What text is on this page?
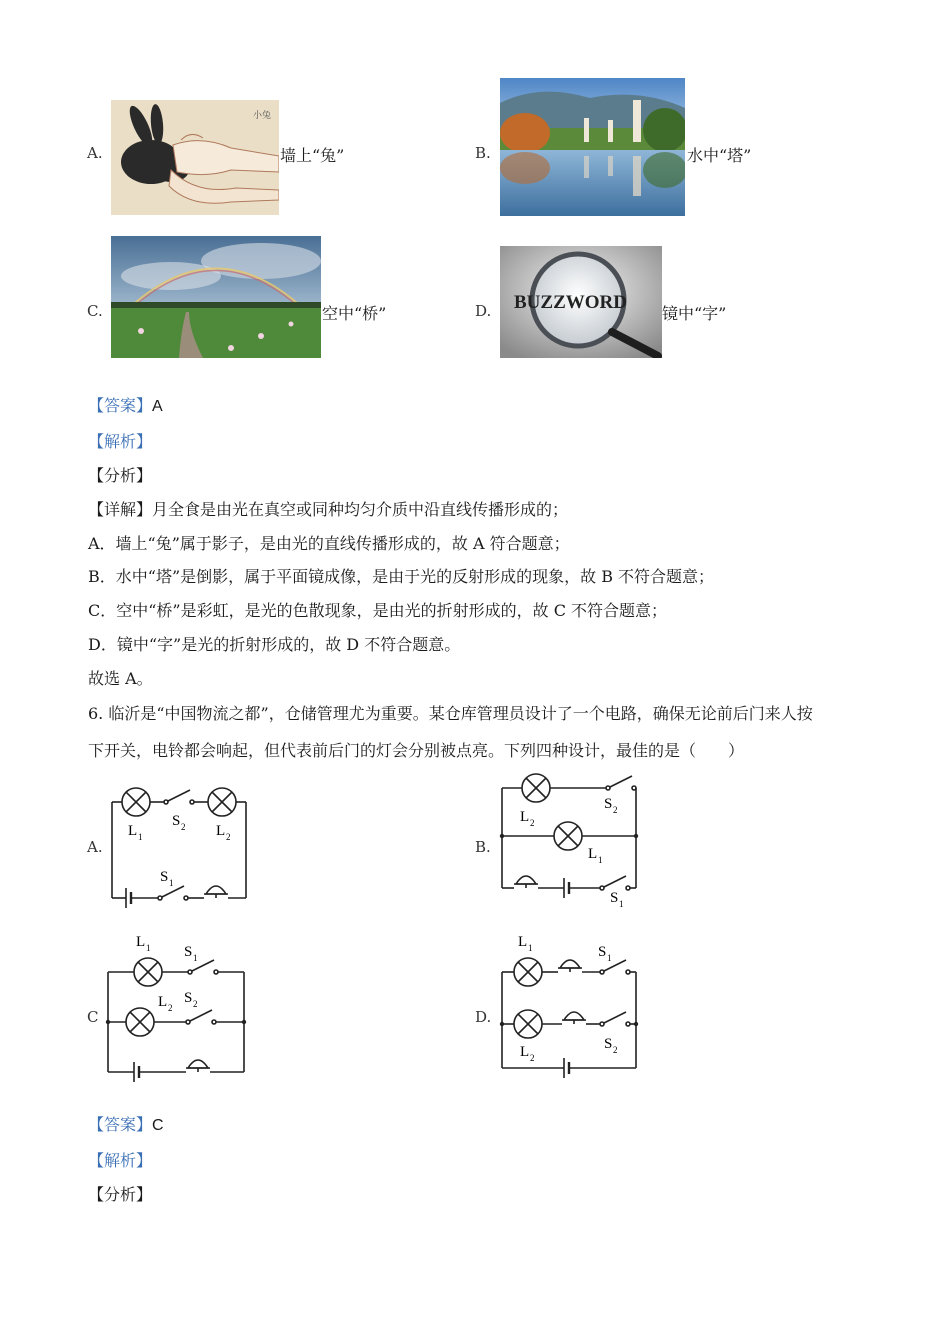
A.
小兔
墙上“兔”	B.	水中“塔”
C.	空中“桥”	D. BUZZWORD
镜中“字”
【答案】A
【解析】
【分析】
【详解】月全食是由光在真空或同种均匀介质中沿直线传播形成的；
A．墙上“兔”属于影子，是由光的直线传播形成的，故 A 符合题意；
B．水中“塔”是倒影，属于平面镜成像，是由于光的反射形成的现象，故 B 不符合题意；
C．空中“桥”是彩虹，是光的色散现象，是由光的折射形成的，故 C 不符合题意；
D．镜中“字”是光的折射形成的，故 D 不符合题意。
故选 A。
6. 临沂是“中国物流之都”，仓储管理尤为重要。某仓库管理员设计了一个电路，确保无论前后门来人按
下开关，电铃都会响起，但代表前后门的灯会分别被点亮。下列四种设计，最佳的是（　　）
A.
L 1
S 2 L 2
S 1
B.
L 2
S 2
L 1
S 1
C
L 1 S 1
L 2
S 2
D.
L 1	S 1
L 2
S 2
【答案】C
【解析】
【分析】
